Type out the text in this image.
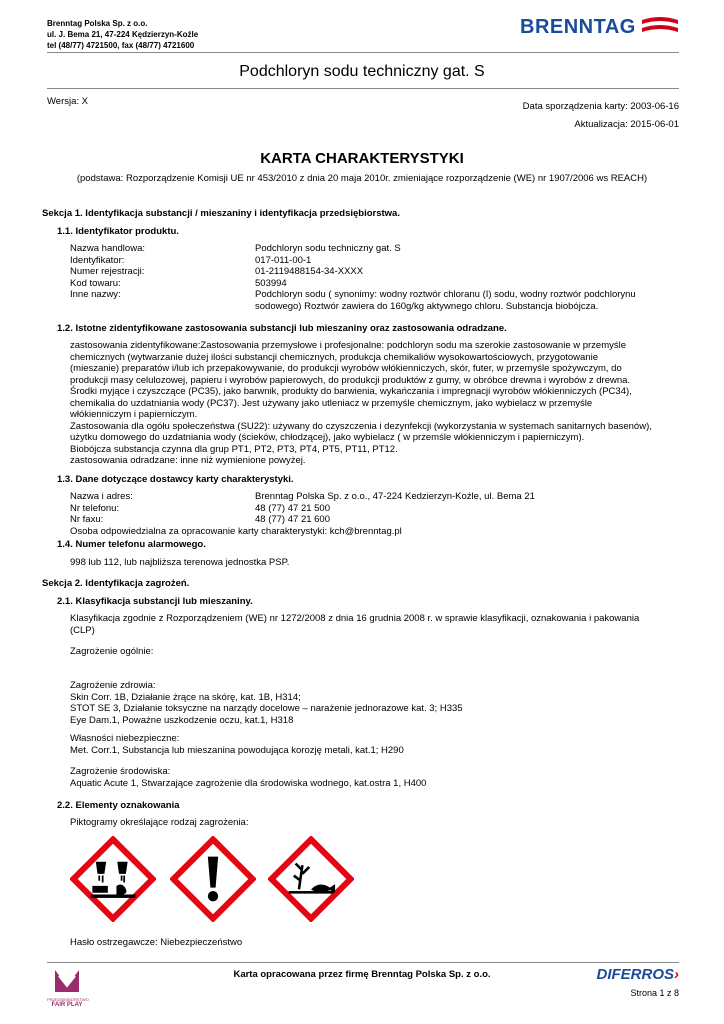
Brenntag Polska Sp. z o.o.
ul. J. Bema 21, 47-224 Kędzierzyn-Koźle
tel (48/77) 4721500, fax (48/77) 4721600
BRENNTAG
Podchloryn sodu techniczny gat. S
Wersja: X	Data sporządzenia karty: 2003-06-16
Aktualizacja: 2015-06-01
KARTA CHARAKTERYSTYKI
(podstawa: Rozporządzenie Komisji UE nr 453/2010 z dnia 20 maja 2010r. zmieniające rozporządzenie (WE) nr 1907/2006 ws REACH)
Sekcja 1. Identyfikacja substancji / mieszaniny i identyfikacja przedsiębiorstwa.
1.1. Identyfikator produktu.
Nazwa handlowa:	Podchloryn sodu techniczny gat. S
Identyfikator:	017-011-00-1
Numer rejestracji:	01-2119488154-34-XXXX
Kod towaru:	503994
Inne nazwy:	Podchloryn sodu ( synonimy: wodny roztwór chloranu (I) sodu, wodny roztwór podchlorynu
sodowego) Roztwór zawiera do 160g/kg aktywnego chloru. Substancja biobójcza.
1.2. Istotne zidentyfikowane zastosowania substancji lub mieszaniny oraz zastosowania odradzane.
zastosowania zidentyfikowane:Zastosowania przemysłowe i profesjonalne: podchloryn sodu ma szerokie zastosowanie w przemyśle
chemicznych (wytwarzanie dużej ilości substancji chemicznych, produkcja chemikaliów wysokowartościowych, przygotowanie
(mieszanie) preparatów i/lub ich przepakowywanie, do produkcji wyrobów włókienniczych, skór, futer, w przemyśle spożywczym, do
produkcji masy celulozowej, papieru i wyrobów papierowych, do produkcji produktów z gumy, w obróbce drewna i wyrobów z drewna.
Środki myjące i czyszczące (PC35), jako barwnik, produkty do barwienia, wykańczania i impregnacji wyrobów włókienniczych (PC34),
chemikalia do uzdatniania wody (PC37). Jest używany jako utleniacz w przemyśle chemicznym, jako wybielacz w przemyśle
włókienniczym i papierniczym.
Zastosowania dla ogółu społeczeństwa (SU22): używany do czyszczenia i dezynfekcji (wykorzystania w systemach sanitarnych basenów),
użytku domowego do uzdatniania wody (ścieków, chłodzącej), jako wybielacz ( w przemśle włókienniczym i papierniczym).
Biobójcza substancja czynna dla grup PT1, PT2, PT3, PT4, PT5, PT11, PT12.
zastosowania odradzane: inne niż wymienione powyżej.
1.3. Dane dotyczące dostawcy karty charakterystyki.
Nazwa i adres:	Brenntag Polska Sp. z o.o., 47-224 Kedzierzyn-Koźle, ul. Bema 21
Nr telefonu:	48 (77) 47 21 500
Nr faxu:	48 (77) 47 21 600
Osoba odpowiedzialna za opracowanie karty charakterystyki: kch@brenntag.pl
1.4. Numer telefonu alarmowego.
998 lub 112, lub najbliższa terenowa jednostka PSP.
Sekcja 2. Identyfikacja zagrożeń.
2.1. Klasyfikacja substancji lub mieszaniny.
Klasyfikacja zgodnie z Rozporządzeniem (WE) nr 1272/2008 z dnia 16 grudnia 2008 r. w sprawie klasyfikacji, oznakowania i pakowania
(CLP)
Zagrożenie ogólnie:
Zagrożenie zdrowia:
Skin Corr. 1B, Działanie żrące na skórę, kat. 1B, H314;
STOT SE 3, Działanie toksyczne na narządy docelowe – narażenie jednorazowe kat. 3; H335
Eye Dam.1, Poważne uszkodzenie oczu, kat.1, H318
Własności niebezpieczne:
Met. Corr.1, Substancja lub mieszanina powodująca korozję metali, kat.1; H290
Zagrożenie środowiska:
Aquatic Acute 1, Stwarzające zagrożenie dla środowiska wodnego, kat.ostra 1, H400
2.2. Elementy oznakowania
Piktogramy określające rodzaj zagrożenia:
Hasło ostrzegawcze: Niebezpieczeństwo
PRZEDSIĘBIORSTWO
FAIR PLAY
Karta opracowana przez firmę Brenntag Polska Sp. z o.o.	DIFERROS›
Strona 1 z 8
